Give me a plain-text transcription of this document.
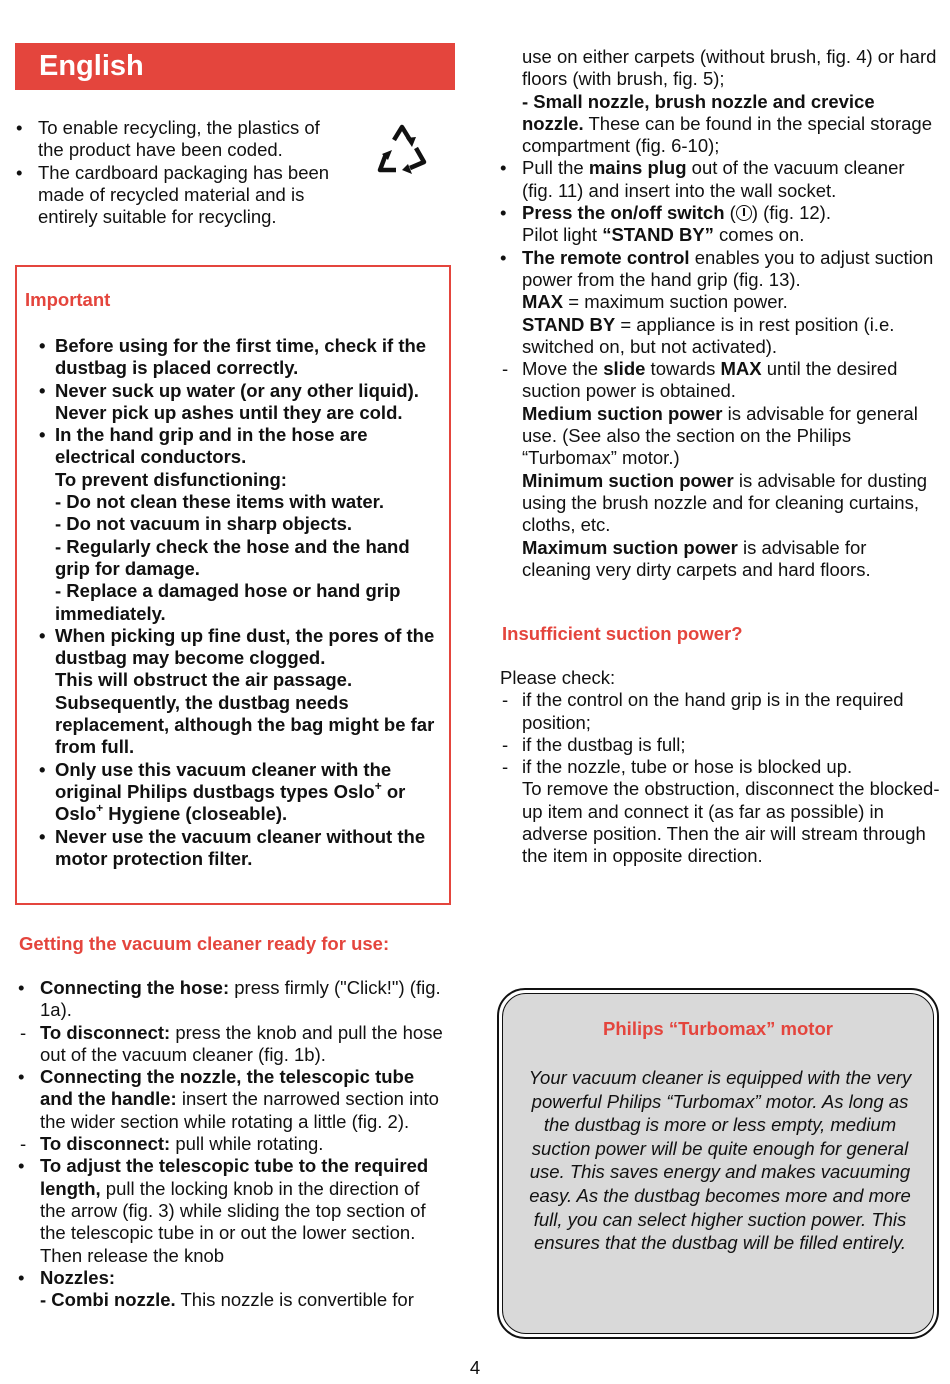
English
• To enable recycling, the plastics of the product have been coded.
• The cardboard packaging has been made of recycled material and is entirely suitable for recycling.
Important
• Before using for the first time, check if the dustbag is placed correctly.
• Never suck up water (or any other liquid). Never pick up ashes until they are cold.
• In the hand grip and in the hose are electrical conductors.
To prevent disfunctioning:
- Do not clean these items with water.
- Do not vacuum in sharp objects.
- Regularly check the hose and the hand grip for damage.
- Replace a damaged hose or hand grip immediately.
• When picking up fine dust, the pores of the dustbag may become clogged.
This will obstruct the air passage. Subsequently, the dustbag needs replacement, although the bag might be far from full.
• Only use this vacuum cleaner with the original Philips dustbags types Oslo+ or Oslo+ Hygiene (closeable).
• Never use the vacuum cleaner without the motor protection filter.
Getting the vacuum cleaner ready for use:
• Connecting the hose: press firmly ("Click!") (fig. 1a).
- To disconnect: press the knob and pull the hose out of the vacuum cleaner (fig. 1b).
• Connecting the nozzle, the telescopic tube and the handle: insert the narrowed section into the wider section while rotating a little (fig. 2).
- To disconnect: pull while rotating.
• To adjust the telescopic tube to the required length, pull the locking knob in the direction of the arrow (fig. 3) while sliding the top section of the telescopic tube in or out the lower section. Then release the knob
• Nozzles:
- Combi nozzle. This nozzle is convertible for
use on either carpets (without brush, fig. 4) or hard floors (with brush, fig. 5);
- Small nozzle, brush nozzle and crevice nozzle. These can be found in the special storage compartment (fig. 6-10);
• Pull the mains plug out of the vacuum cleaner (fig. 11) and insert into the wall socket.
• Press the on/off switch ( ) (fig. 12).
Pilot light “STAND BY” comes on.
• The remote control enables you to adjust suction power from the hand grip (fig. 13).
MAX = maximum suction power.
STAND BY = appliance is in rest position (i.e. switched on, but not activated).
- Move the slide towards MAX until the desired suction power is obtained.
Medium suction power is advisable for general use. (See also the section on the Philips “Turbomax” motor.)
Minimum suction power is advisable for dusting using the brush nozzle and for cleaning curtains, cloths, etc.
Maximum suction power is advisable for cleaning very dirty carpets and hard floors.
Insufficient suction power?
Please check:
- if the control on the hand grip is in the required position;
- if the dustbag is full;
- if the nozzle, tube or hose is blocked up.
To remove the obstruction, disconnect the blocked-up item and connect it (as far as possible) in adverse position. Then the air will stream through the item in opposite direction.
Philips “Turbomax” motor
Your vacuum cleaner is equipped with the very powerful Philips “Turbomax” motor. As long as the dustbag is more or less empty, medium suction power will be quite enough for general use. This saves energy and makes vacuuming easy. As the dustbag becomes more and more full, you can select higher suction power. This ensures that the dustbag will be filled entirely.
4
